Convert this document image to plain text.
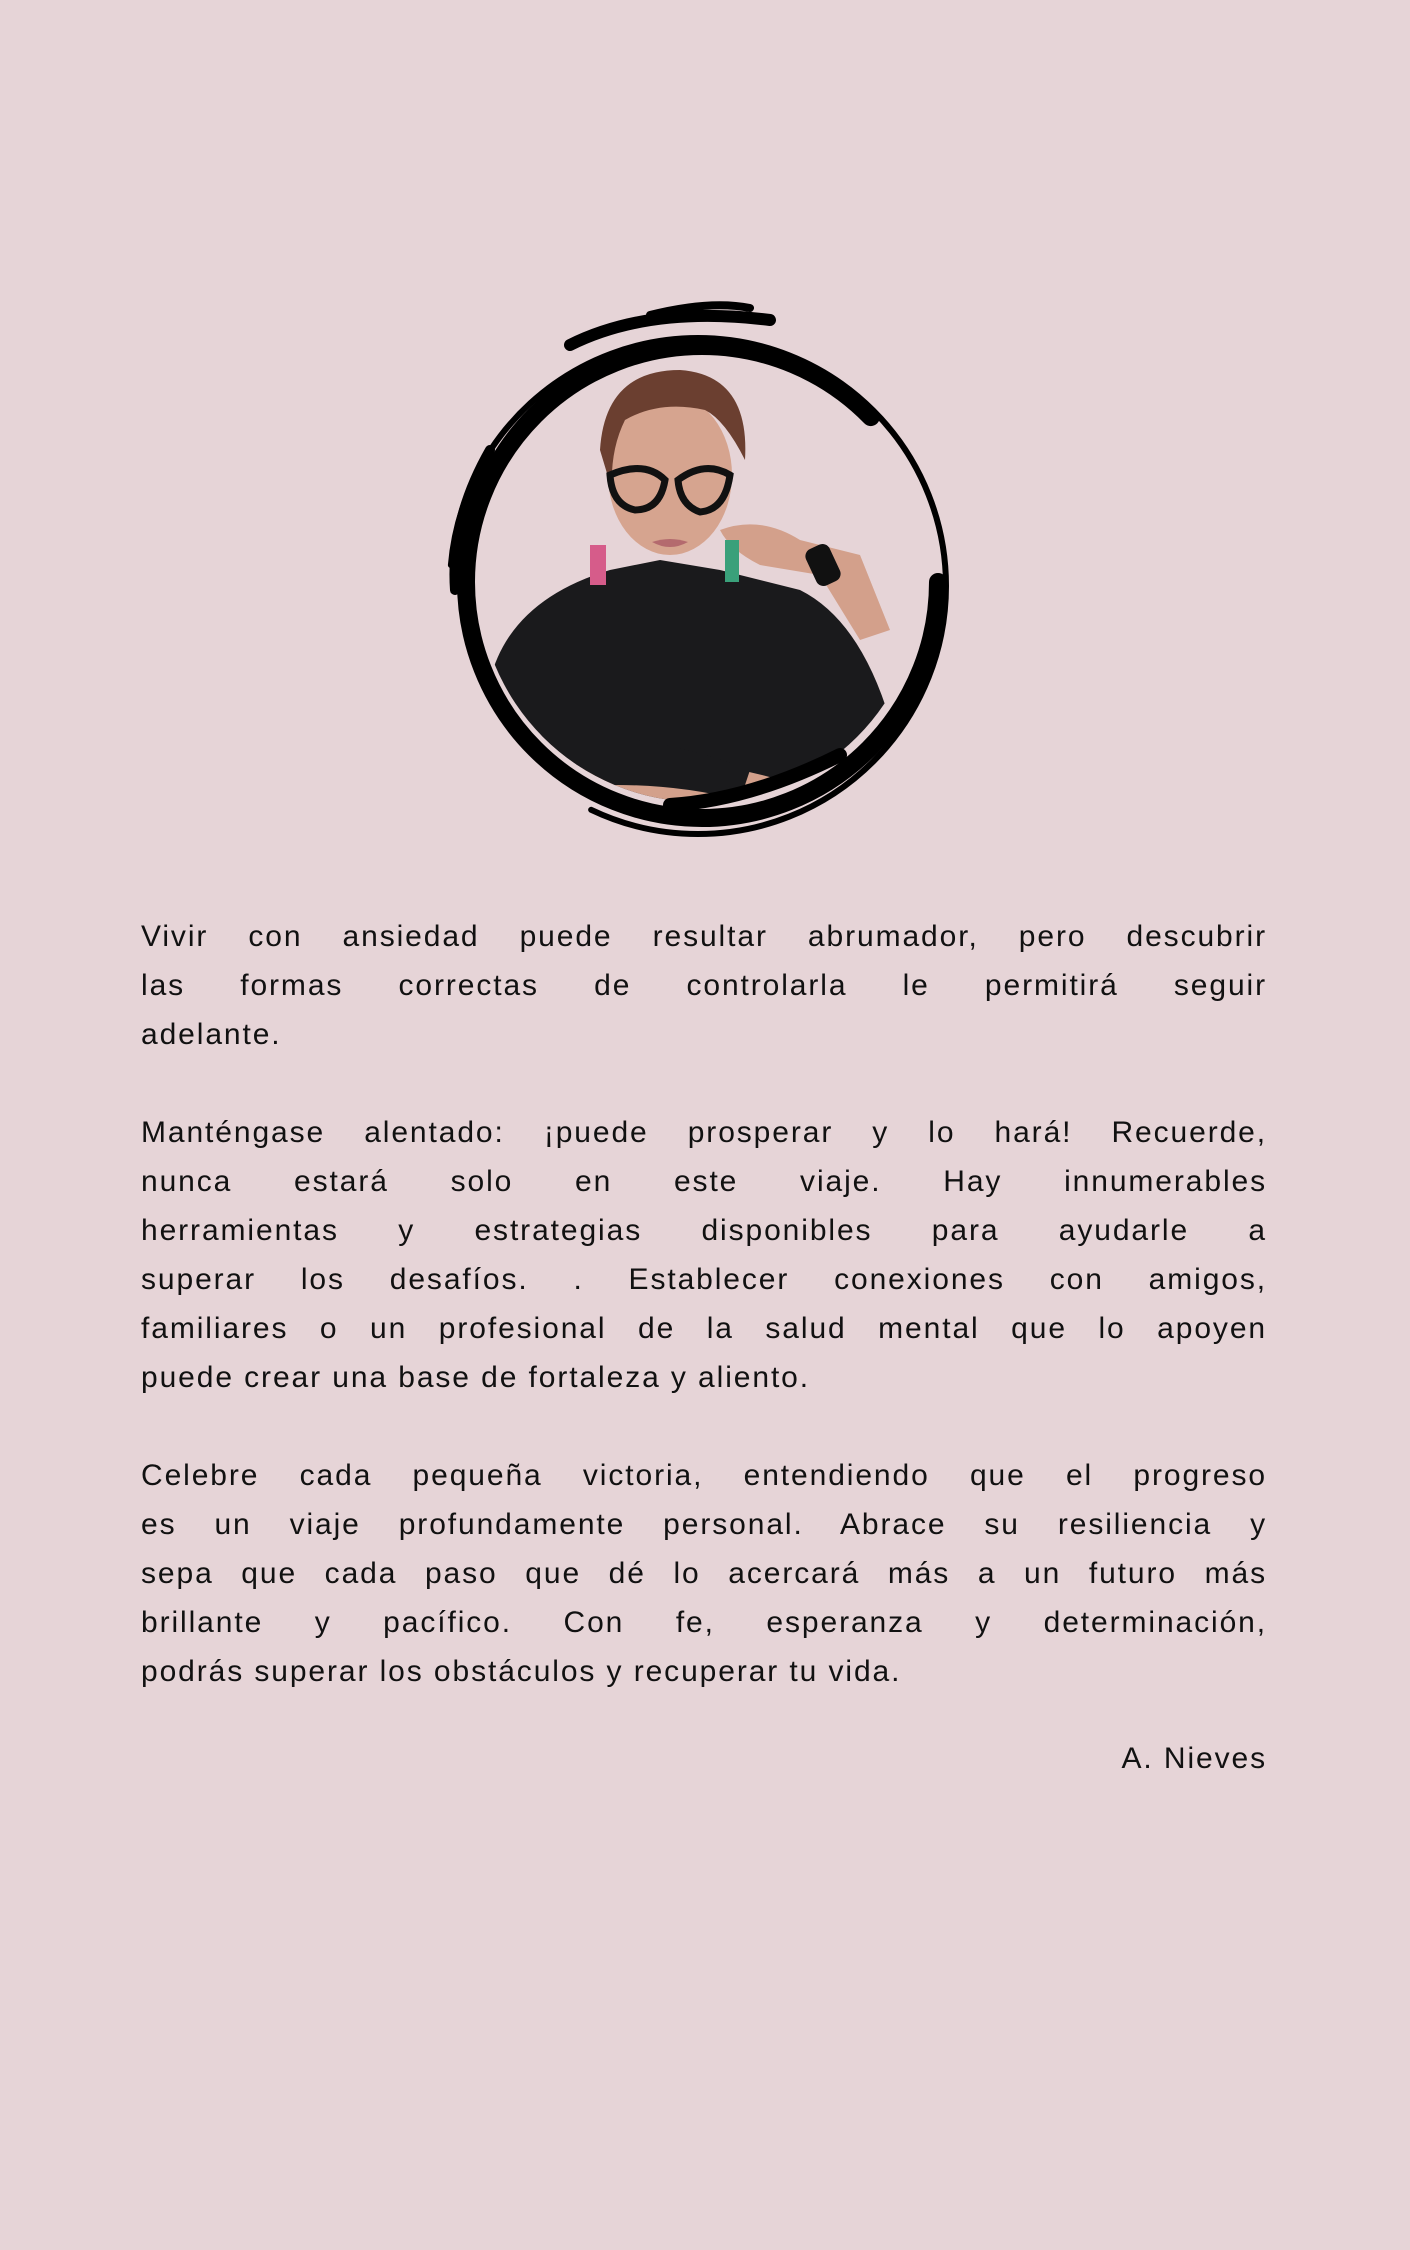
Vivir con ansiedad puede resultar abrumador, pero descubrir
las formas correctas de controlarla le permitirá seguir
adelante.
Manténgase alentado: ¡puede prosperar y lo hará! Recuerde,
nunca estará solo en este viaje. Hay innumerables
herramientas y estrategias disponibles para ayudarle a
superar los desafíos. . Establecer conexiones con amigos,
familiares o un profesional de la salud mental que lo apoyen
puede crear una base de fortaleza y aliento.
Celebre cada pequeña victoria, entendiendo que el progreso
es un viaje profundamente personal. Abrace su resiliencia y
sepa que cada paso que dé lo acercará más a un futuro más
brillante y pacífico. Con fe, esperanza y determinación,
podrás superar los obstáculos y recuperar tu vida.
A. Nieves
